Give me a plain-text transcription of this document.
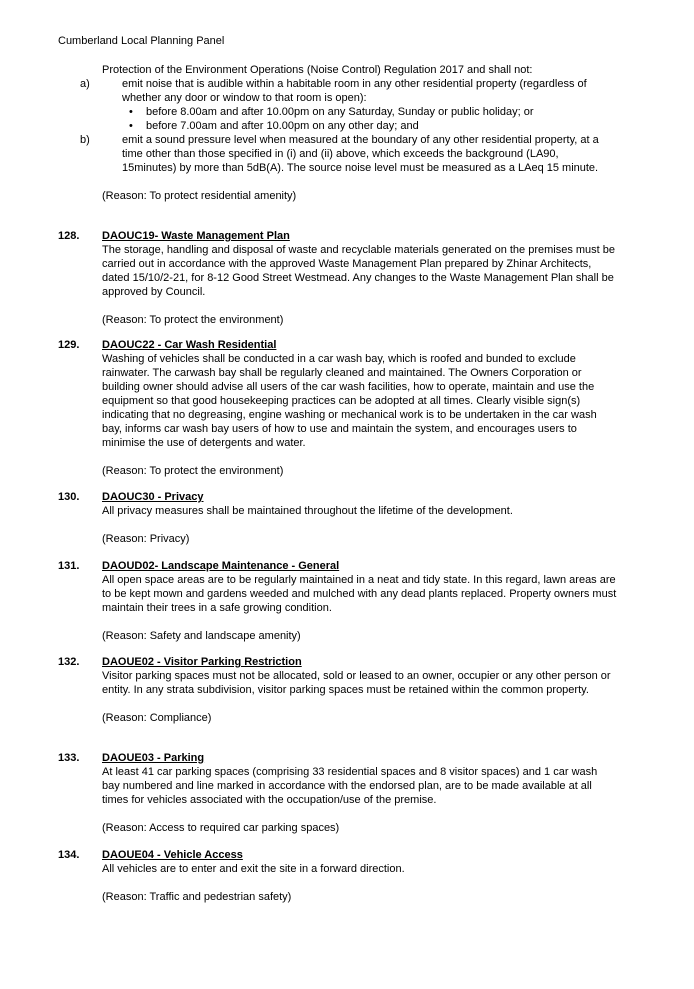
Cumberland Local Planning Panel
Protection of the Environment Operations (Noise Control) Regulation 2017 and shall not:
a)	emit noise that is audible within a habitable room in any other residential property (regardless of whether any door or window to that room is open):
• before 8.00am and after 10.00pm on any Saturday, Sunday or public holiday; or
• before 7.00am and after 10.00pm on any other day; and
b)	emit a sound pressure level when measured at the boundary of any other residential property, at a time other than those specified in (i) and (ii) above, which exceeds the background (LA90, 15minutes) by more than 5dB(A). The source noise level must be measured as a LAeq 15 minute.
(Reason: To protect residential amenity)
128. DAOUC19- Waste Management Plan
The storage, handling and disposal of waste and recyclable materials generated on the premises must be carried out in accordance with the approved Waste Management Plan prepared by Zhinar Architects, dated 15/10/2-21, for 8-12 Good Street Westmead. Any changes to the Waste Management Plan shall be approved by Council.
(Reason: To protect the environment)
129. DAOUC22 - Car Wash Residential
Washing of vehicles shall be conducted in a car wash bay, which is roofed and bunded to exclude rainwater. The carwash bay shall be regularly cleaned and maintained. The Owners Corporation or building owner should advise all users of the car wash facilities, how to operate, maintain and use the equipment so that good housekeeping practices can be adopted at all times. Clearly visible sign(s) indicating that no degreasing, engine washing or mechanical work is to be undertaken in the car wash bay, informs car wash bay users of how to use and maintain the system, and encourages users to minimise the use of detergents and water.
(Reason: To protect the environment)
130. DAOUC30 - Privacy
All privacy measures shall be maintained throughout the lifetime of the development.
(Reason: Privacy)
131. DAOUD02- Landscape Maintenance - General
All open space areas are to be regularly maintained in a neat and tidy state. In this regard, lawn areas are to be kept mown and gardens weeded and mulched with any dead plants replaced. Property owners must maintain their trees in a safe growing condition.
(Reason: Safety and landscape amenity)
132. DAOUE02 - Visitor Parking Restriction
Visitor parking spaces must not be allocated, sold or leased to an owner, occupier or any other person or entity. In any strata subdivision, visitor parking spaces must be retained within the common property.
(Reason: Compliance)
133. DAOUE03 - Parking
At least 41 car parking spaces (comprising 33 residential spaces and 8 visitor spaces) and 1 car wash bay numbered and line marked in accordance with the endorsed plan, are to be made available at all times for vehicles associated with the occupation/use of the premise.
(Reason: Access to required car parking spaces)
134. DAOUE04 - Vehicle Access
All vehicles are to enter and exit the site in a forward direction.
(Reason: Traffic and pedestrian safety)
